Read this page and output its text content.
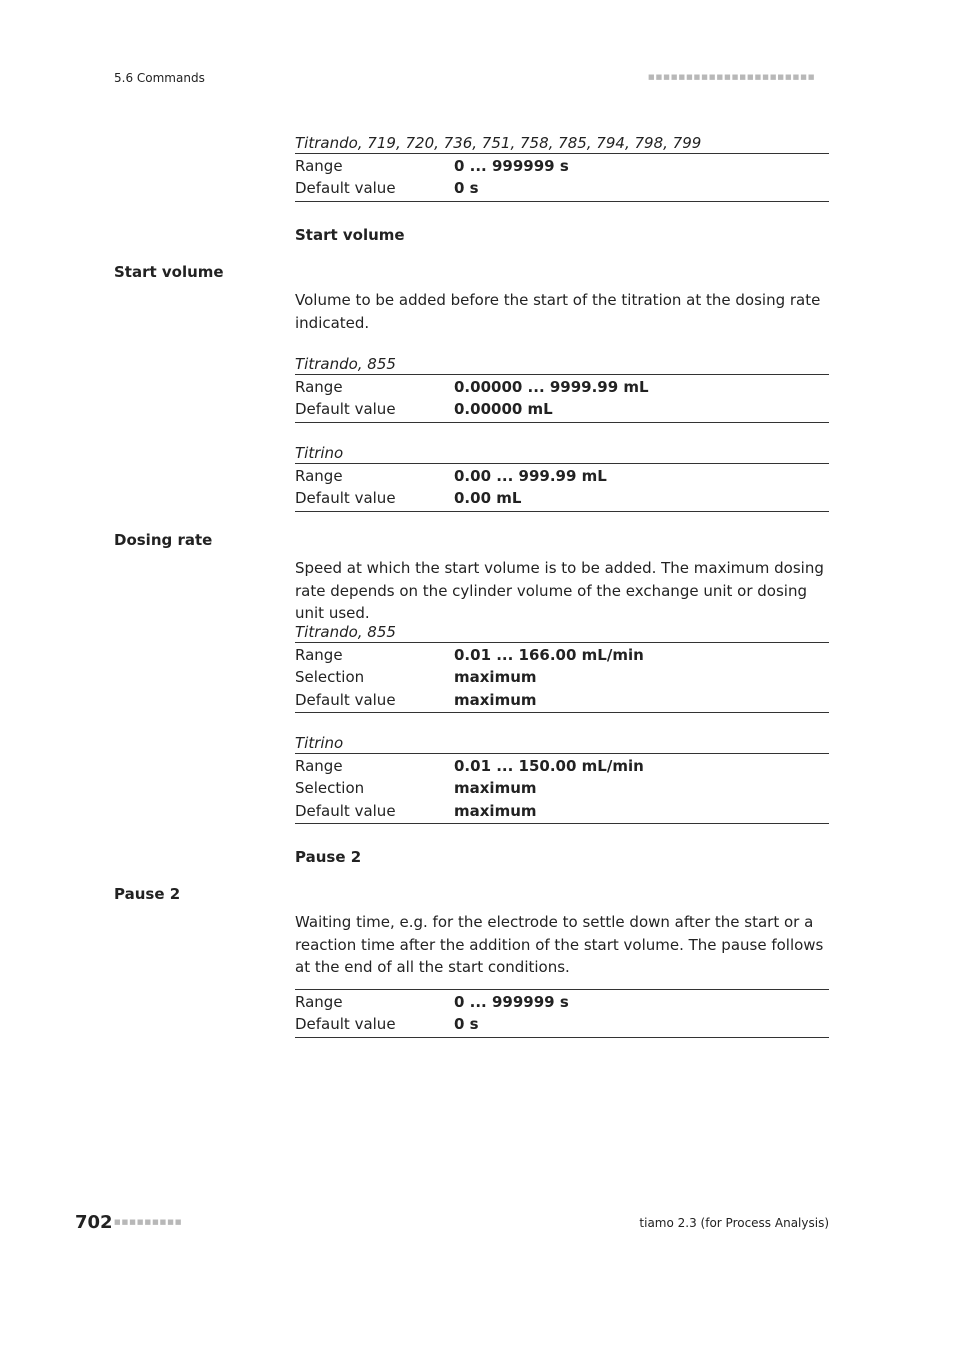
5.6 Commands	■■■■■■■■■■■■■■■■■■■■■■
Titrando, 719, 720, 736, 751, 758, 785, 794, 798, 799
Range	0 ... 999999 s
Default value	0 s
Start volume
Start volume
Volume to be added before the start of the titration at the dosing rate indicated.
Titrando, 855
Range	0.00000 ... 9999.99 mL
Default value	0.00000 mL
Titrino
Range	0.00 ... 999.99 mL
Default value	0.00 mL
Dosing rate
Speed at which the start volume is to be added. The maximum dosing rate depends on the cylinder volume of the exchange unit or dosing unit used.
Titrando, 855
Range	0.01 ... 166.00 mL/min
Selection	maximum
Default value	maximum
Titrino
Range	0.01 ... 150.00 mL/min
Selection	maximum
Default value	maximum
Pause 2
Pause 2
Waiting time, e.g. for the electrode to settle down after the start or a reaction time after the addition of the start volume. The pause follows at the end of all the start conditions.
Range	0 ... 999999 s
Default value	0 s
702 ■■■■■■■■■	tiamo 2.3 (for Process Analysis)
